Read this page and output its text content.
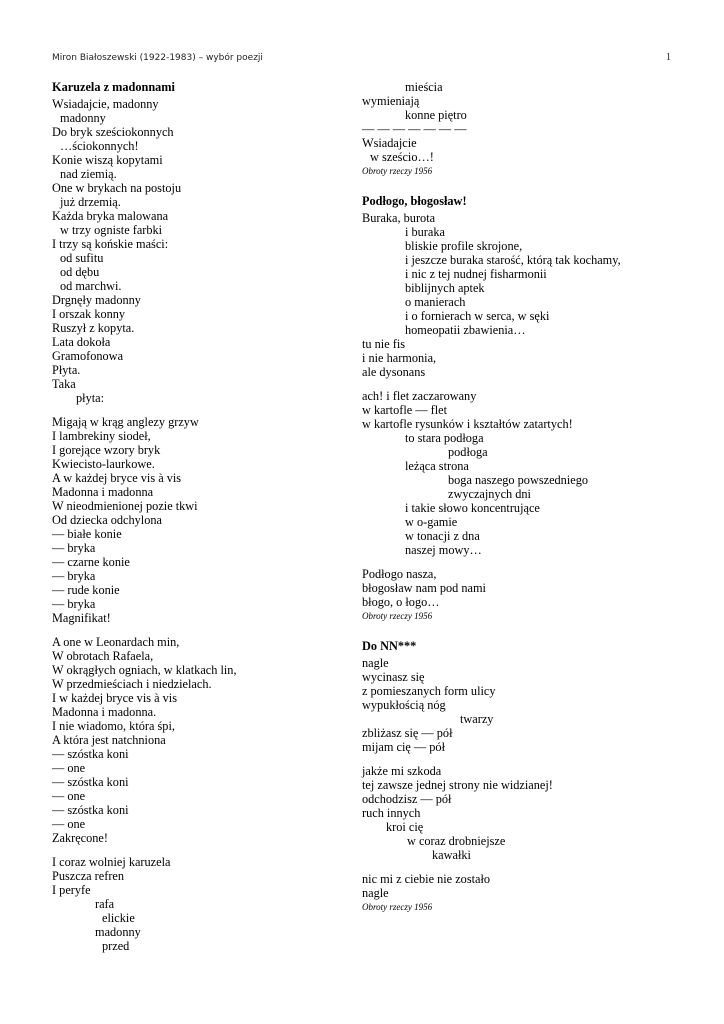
Miron Białoszewski (1922-1983) – wybór poezji	1
Karuzela z madonnami
Wsiadajcie, madonny
madonny
Do bryk sześciokonnych
…ściokonnych!
Konie wiszą kopytami
nad ziemią.
One w brykach na postoju
już drzemią.
Każda bryka malowana
w trzy ogniste farbki
I trzy są końskie maści:
od sufitu
od dębu
od marchwi.
Drgnęły madonny
I orszak konny
Ruszył z kopyta.
Lata dokoła
Gramofonowa
Płyta.
Taka
płyta:
Migają w krąg anglezy grzyw
I lambrekiny siodeł,
I gorejące wzory bryk
Kwiecisto-laurkowe.
A w każdej bryce vis à vis
Madonna i madonna
W nieodmienionej pozie tkwi
Od dziecka odchylona
— białe konie
— bryka
— czarne konie
— bryka
— rude konie
— bryka
Magnifikat!
A one w Leonardach min,
W obrotach Rafaela,
W okrągłych ogniach, w klatkach lin,
W przedmieściach i niedzielach.
I w każdej bryce vis à vis
Madonna i madonna.
I nie wiadomo, która śpi,
A która jest natchniona
— szóstka koni
— one
— szóstka koni
— one
— szóstka koni
— one
Zakręcone!
I coraz wolniej karuzela
Puszcza refren
I peryfe
rafa
elickie
madonny
przed
mieścia
wymieniają
konne piętro
— — — — — — —
Wsiadajcie
w sześcio…!
Obroty rzeczy 1956
Podłogo, błogosław!
Buraka, burota
i buraka
bliskie profile skrojone,
i jeszcze buraka starość, którą tak kochamy,
i nic z tej nudnej fisharmonii
biblijnych aptek
o manierach
i o fornierach w serca, w sęki
homeopatii zbawienia…
tu nie fis
i nie harmonia,
ale dysonans
ach! i flet zaczarowany
w kartofle — flet
w kartofle rysunków i kształtów zatartych!
to stara podłoga
podłoga
leżąca strona
boga naszego powszedniego
zwyczajnych dni
i takie słowo koncentrujące
w o-gamie
w tonacji z dna
naszej mowy…
Podłogo nasza,
błogosław nam pod nami
błogo, o łogo…
Obroty rzeczy 1956
Do NN***
nagle
wycinasz się
z pomieszanych form ulicy
wypukłością nóg
twarzy
zbliżasz się — pół
mijam cię — pół
jakże mi szkoda
tej zawsze jednej strony nie widzianej!
odchodzisz — pół
ruch innych
kroi cię
w coraz drobniejsze
kawałki
nic mi z ciebie nie zostało
nagle
Obroty rzeczy 1956
